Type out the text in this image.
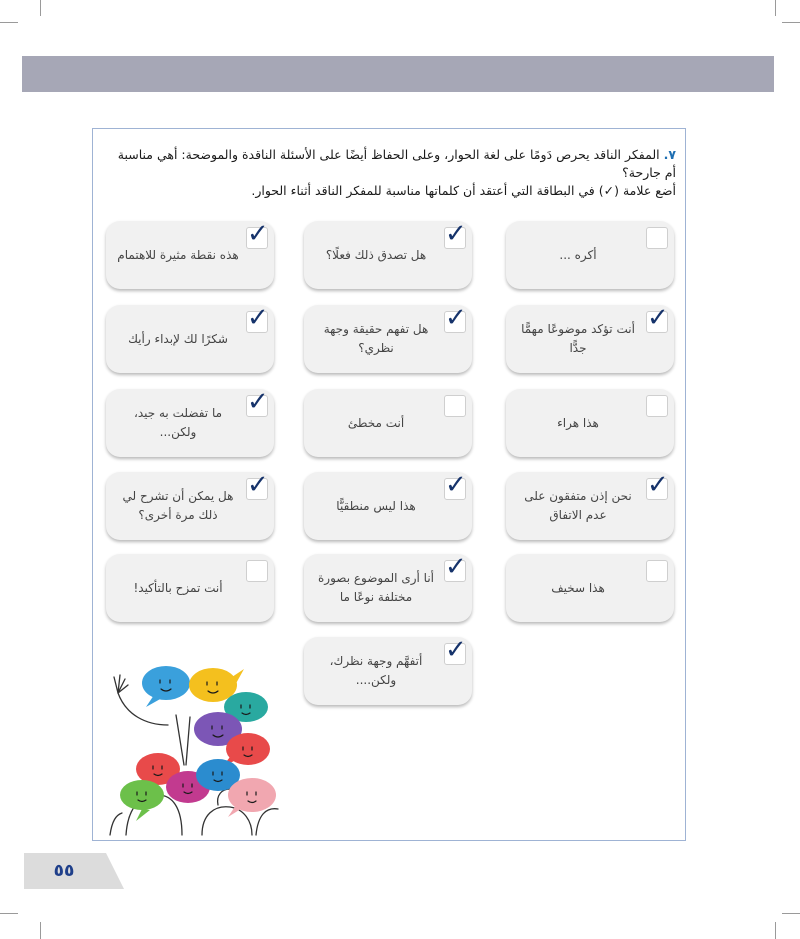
٧.المفكر الناقد يحرص دَومًا على لغة الحوار، وعلى الحفاظ أيضًا على الأسئلة الناقدة والموضحة: أهي مناسبة
أم جارحة؟
أضع علامة (✓) في البطاقة التي أعتقد أن كلماتها مناسبة للمفكر الناقد أثناء الحوار.
✓
هذه نقطة مثيرة للاهتمام
✓
هل تصدق ذلك فعلًا؟	أكره ...
✓
شكرًا لك لإبداء رأيك
✓
هل تفهم حقيقة وجهة نظري؟
✓
أنت تؤكد موضوعًا مهمًّا جدًّا
✓
ما تفضلت به جيد، ولكن...
أنت مخطئ	هذا هراء
✓
هل يمكن أن تشرح لي ذلك مرة أخرى؟
✓
هذا ليس منطقيًّا
✓
نحن إذن متفقون على عدم الاتفاق
أنت تمزح بالتأكيد!
✓
أنا أرى الموضوع بصورة مختلفة نوعًا ما
هذا سخيف
✓
أتفهَّم وجهة نظرك، ولكن....
٥٥
